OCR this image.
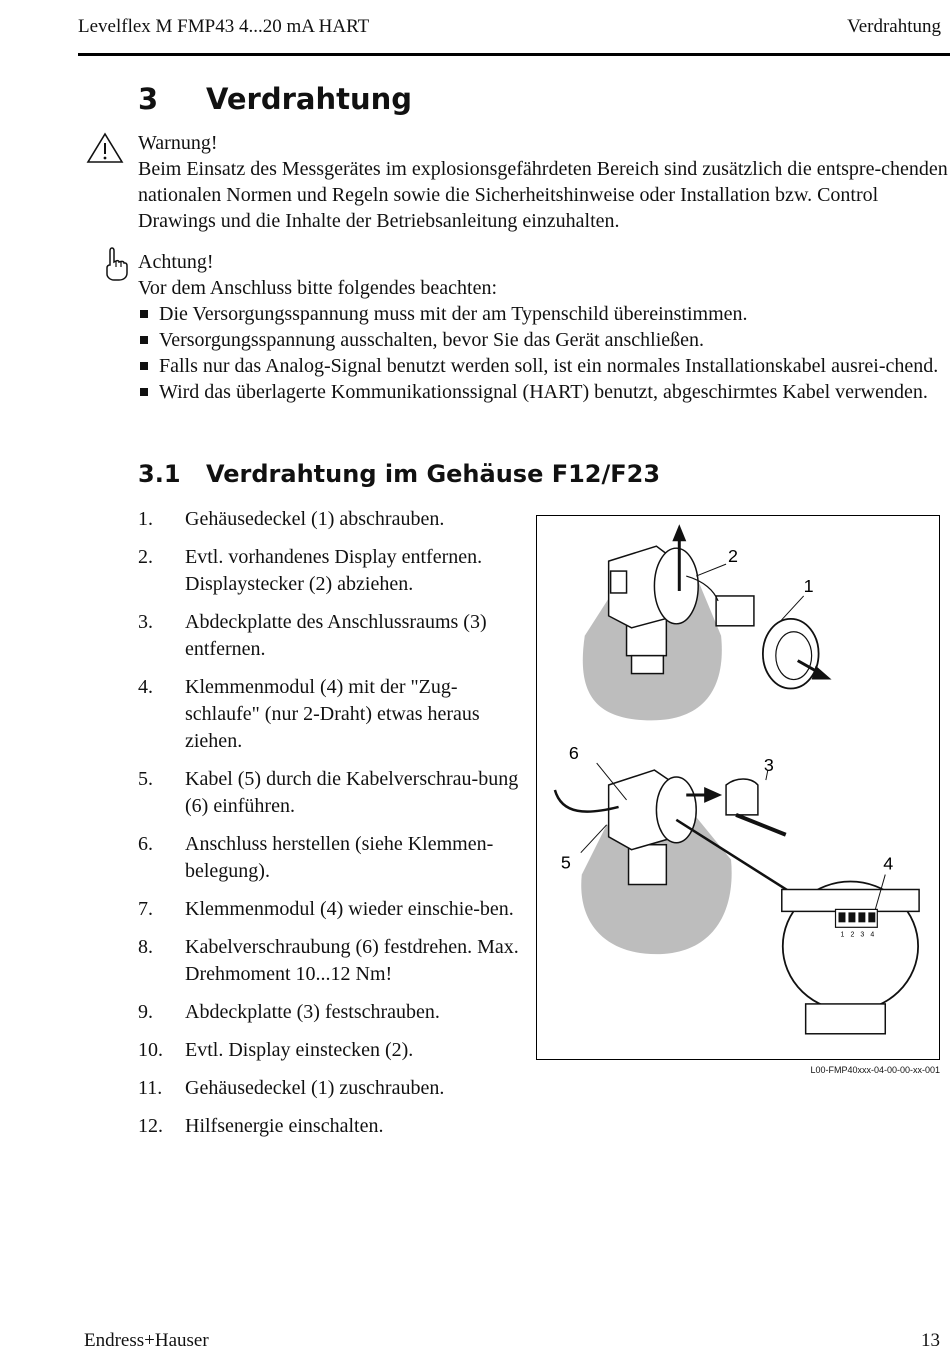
Levelflex M FMP43 4...20 mA HART	Verdrahtung
3 Verdrahtung
Warnung!
Beim Einsatz des Messgerätes im explosionsgefährdeten Bereich sind zusätzlich die entspre-chenden nationalen Normen und Regeln sowie die Sicherheitshinweise oder Installation bzw. Control Drawings und die Inhalte der Betriebsanleitung einzuhalten.
Achtung!
Vor dem Anschluss bitte folgendes beachten:
Die Versorgungsspannung muss mit der am Typenschild übereinstimmen.
Versorgungsspannung ausschalten, bevor Sie das Gerät anschließen.
Falls nur das Analog-Signal benutzt werden soll, ist ein normales Installationskabel ausrei-chend.
Wird das überlagerte Kommunikationssignal (HART) benutzt, abgeschirmtes Kabel verwenden.
3.1 Verdrahtung im Gehäuse F12/F23
1. Gehäusedeckel (1) abschrauben.
2. Evtl. vorhandenes Display entfernen. Displaystecker (2) abziehen.
3. Abdeckplatte des Anschlussraums (3) entfernen.
4. Klemmenmodul (4) mit der "Zug-schlaufe" (nur 2-Draht) etwas heraus ziehen.
5. Kabel (5) durch die Kabelverschrau-bung (6) einführen.
6. Anschluss herstellen (siehe Klemmen-belegung).
7. Klemmenmodul (4) wieder einschie-ben.
8. Kabelverschraubung (6) festdrehen. Max. Drehmoment 10...12 Nm!
9. Abdeckplatte (3) festschrauben.
10. Evtl. Display einstecken (2).
11. Gehäusedeckel (1) zuschrauben.
12. Hilfsenergie einschalten.
2
1
1 2 3 4
4
6
3
5
L00-FMP40xxx-04-00-00-xx-001
Endress+Hauser	13
